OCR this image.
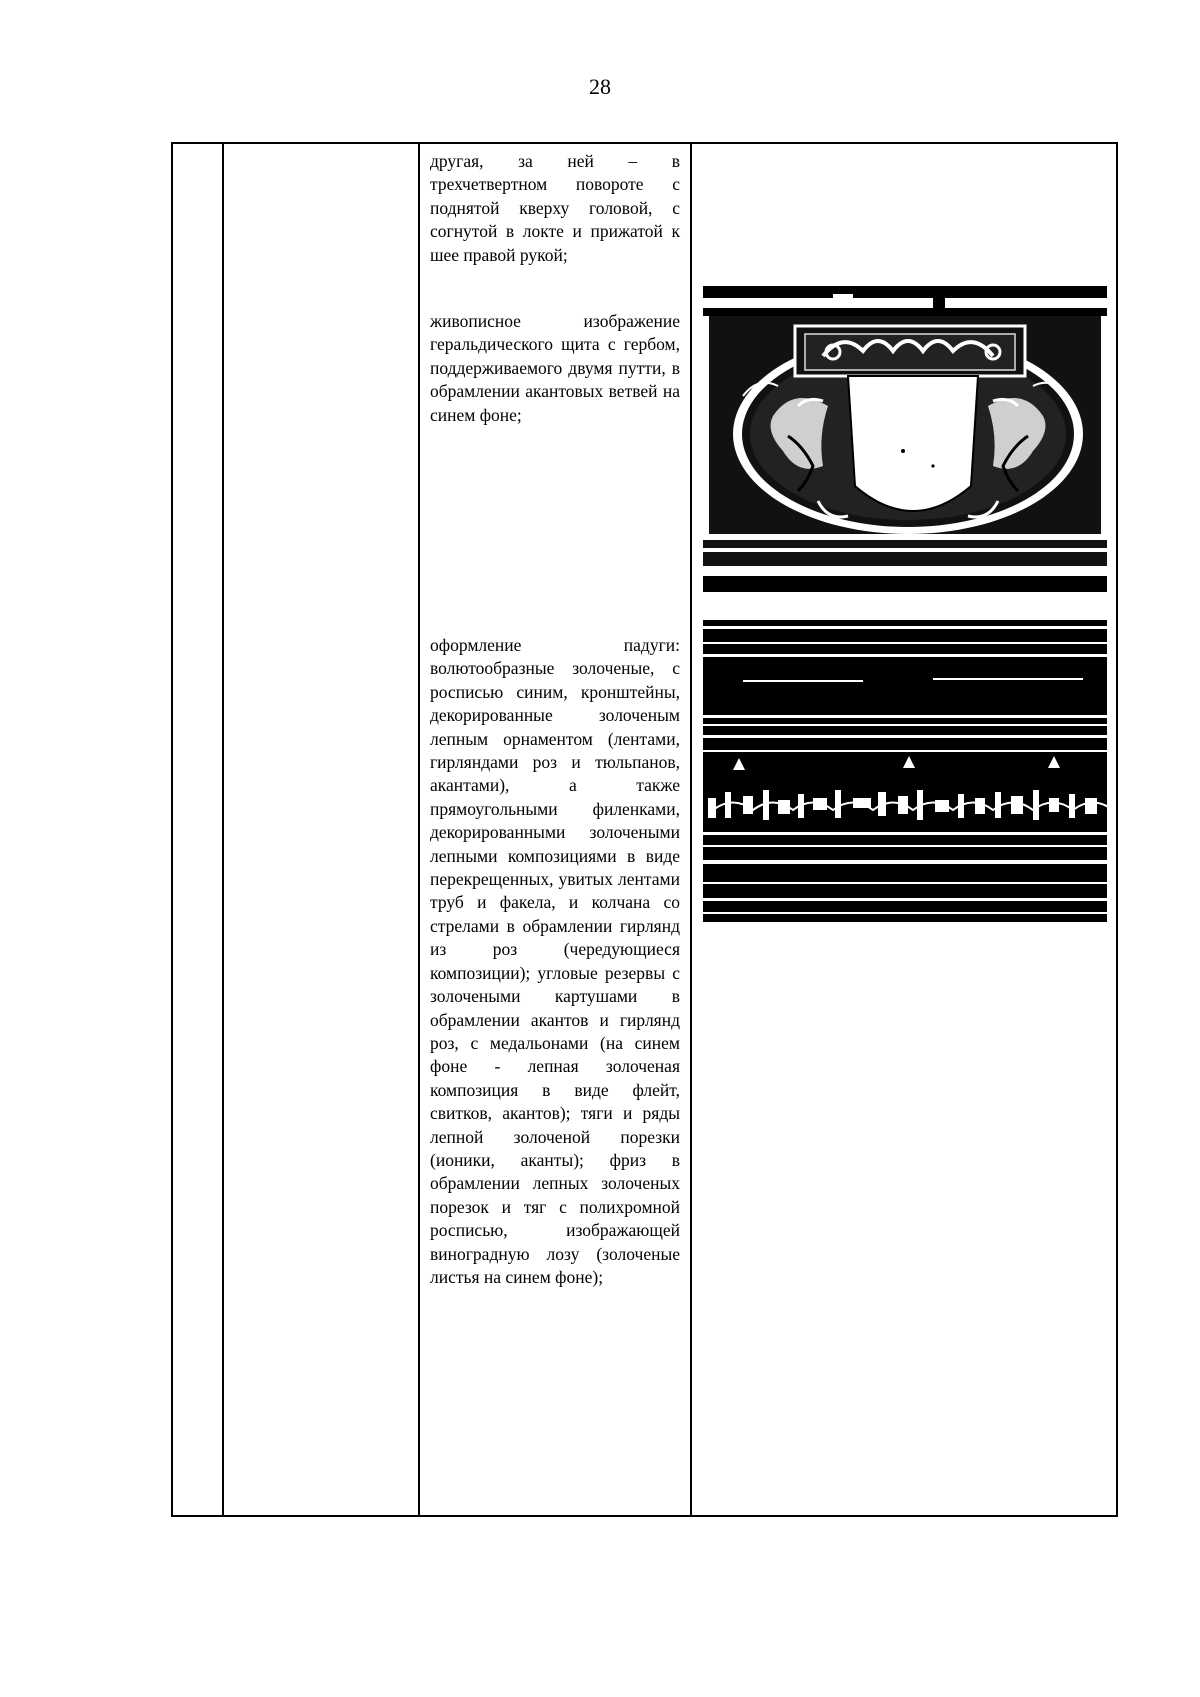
28

другая, за ней – в трехчетвертном повороте с поднятой кверху головой, с согнутой в локте и прижатой к шее правой рукой;

живописное изображение геральдического щита с гербом, поддерживаемого двумя путти, в обрамлении акантовых ветвей на синем фоне;

оформление падуги: волютообразные золоченые, с росписью синим, кронштейны, декорированные золоченым лепным орнаментом (лентами, гирляндами роз и тюльпанов, акантами), а также прямоугольными филенками, декорированными золочеными лепными композициями в виде перекрещенных, увитых лентами труб и факела, и колчана со стрелами в обрамлении гирлянд из роз (чередующиеся композиции); угловые резервы с золочеными картушами в обрамлении акантов и гирлянд роз, с медальонами (на синем фоне - лепная золоченая композиция в виде флейт, свитков, акантов); тяги и ряды лепной золоченой порезки (ионики, аканты); фриз в обрамлении лепных золоченых порезок и тяг с полихромной росписью, изображающей виноградную лозу (золоченые листья на синем фоне);
